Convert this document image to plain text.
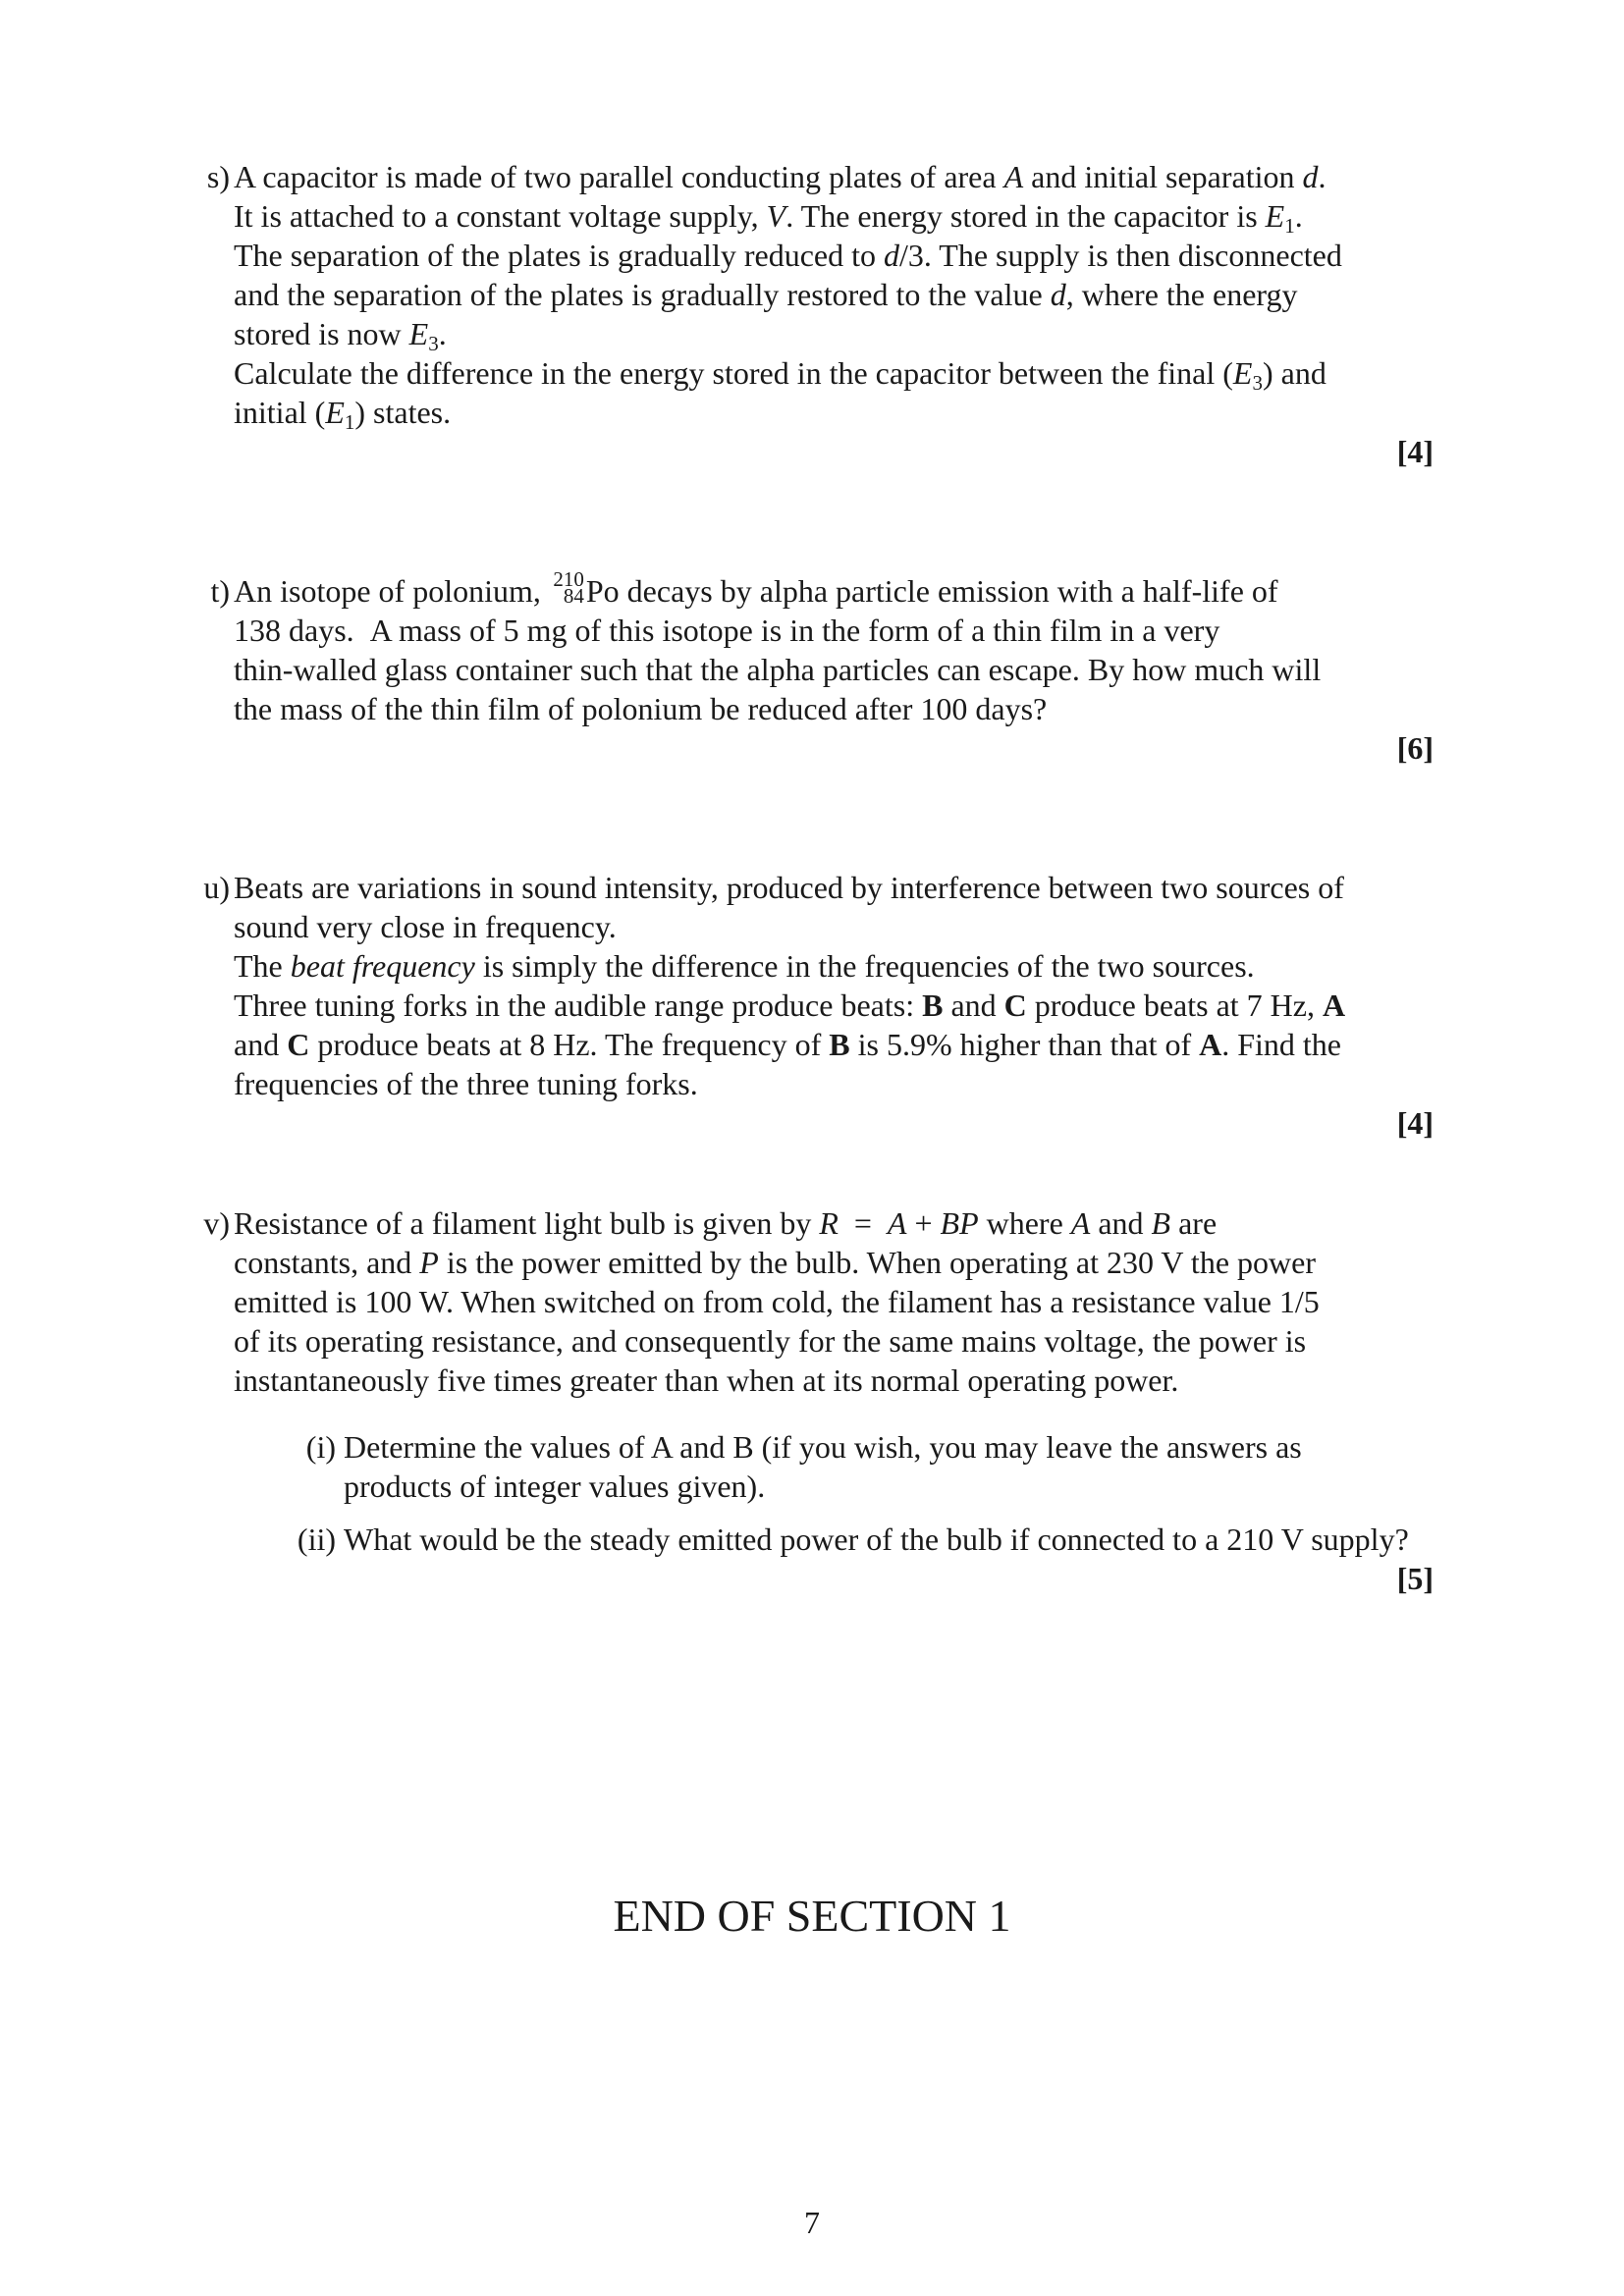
s) A capacitor is made of two parallel conducting plates of area A and initial separation d.
It is attached to a constant voltage supply, V. The energy stored in the capacitor is E1.
The separation of the plates is gradually reduced to d/3. The supply is then disconnected
and the separation of the plates is gradually restored to the value d, where the energy
stored is now E3.
Calculate the difference in the energy stored in the capacitor between the final (E3) and
initial (E1) states.
[4]
t) An isotope of polonium, 210
84 Po decays by alpha particle emission with a half-life of
138 days.  A mass of 5 mg of this isotope is in the form of a thin film in a very
thin-walled glass container such that the alpha particles can escape. By how much will
the mass of the thin film of polonium be reduced after 100 days?
[6]
u) Beats are variations in sound intensity, produced by interference between two sources of
sound very close in frequency.
The beat frequency is simply the difference in the frequencies of the two sources.
Three tuning forks in the audible range produce beats: B and C produce beats at 7 Hz, A
and C produce beats at 8 Hz. The frequency of B is 5.9% higher than that of A. Find the
frequencies of the three tuning forks.
[4]
v) Resistance of a filament light bulb is given by R  =  A + BP where A and B are
constants, and P is the power emitted by the bulb. When operating at 230 V the power
emitted is 100 W. When switched on from cold, the filament has a resistance value 1/5
of its operating resistance, and consequently for the same mains voltage, the power is
instantaneously five times greater than when at its normal operating power.
(i) Determine the values of A and B (if you wish, you may leave the answers as
products of integer values given).
(ii) What would be the steady emitted power of the bulb if connected to a 210 V supply?
[5]
END OF SECTION 1
7
